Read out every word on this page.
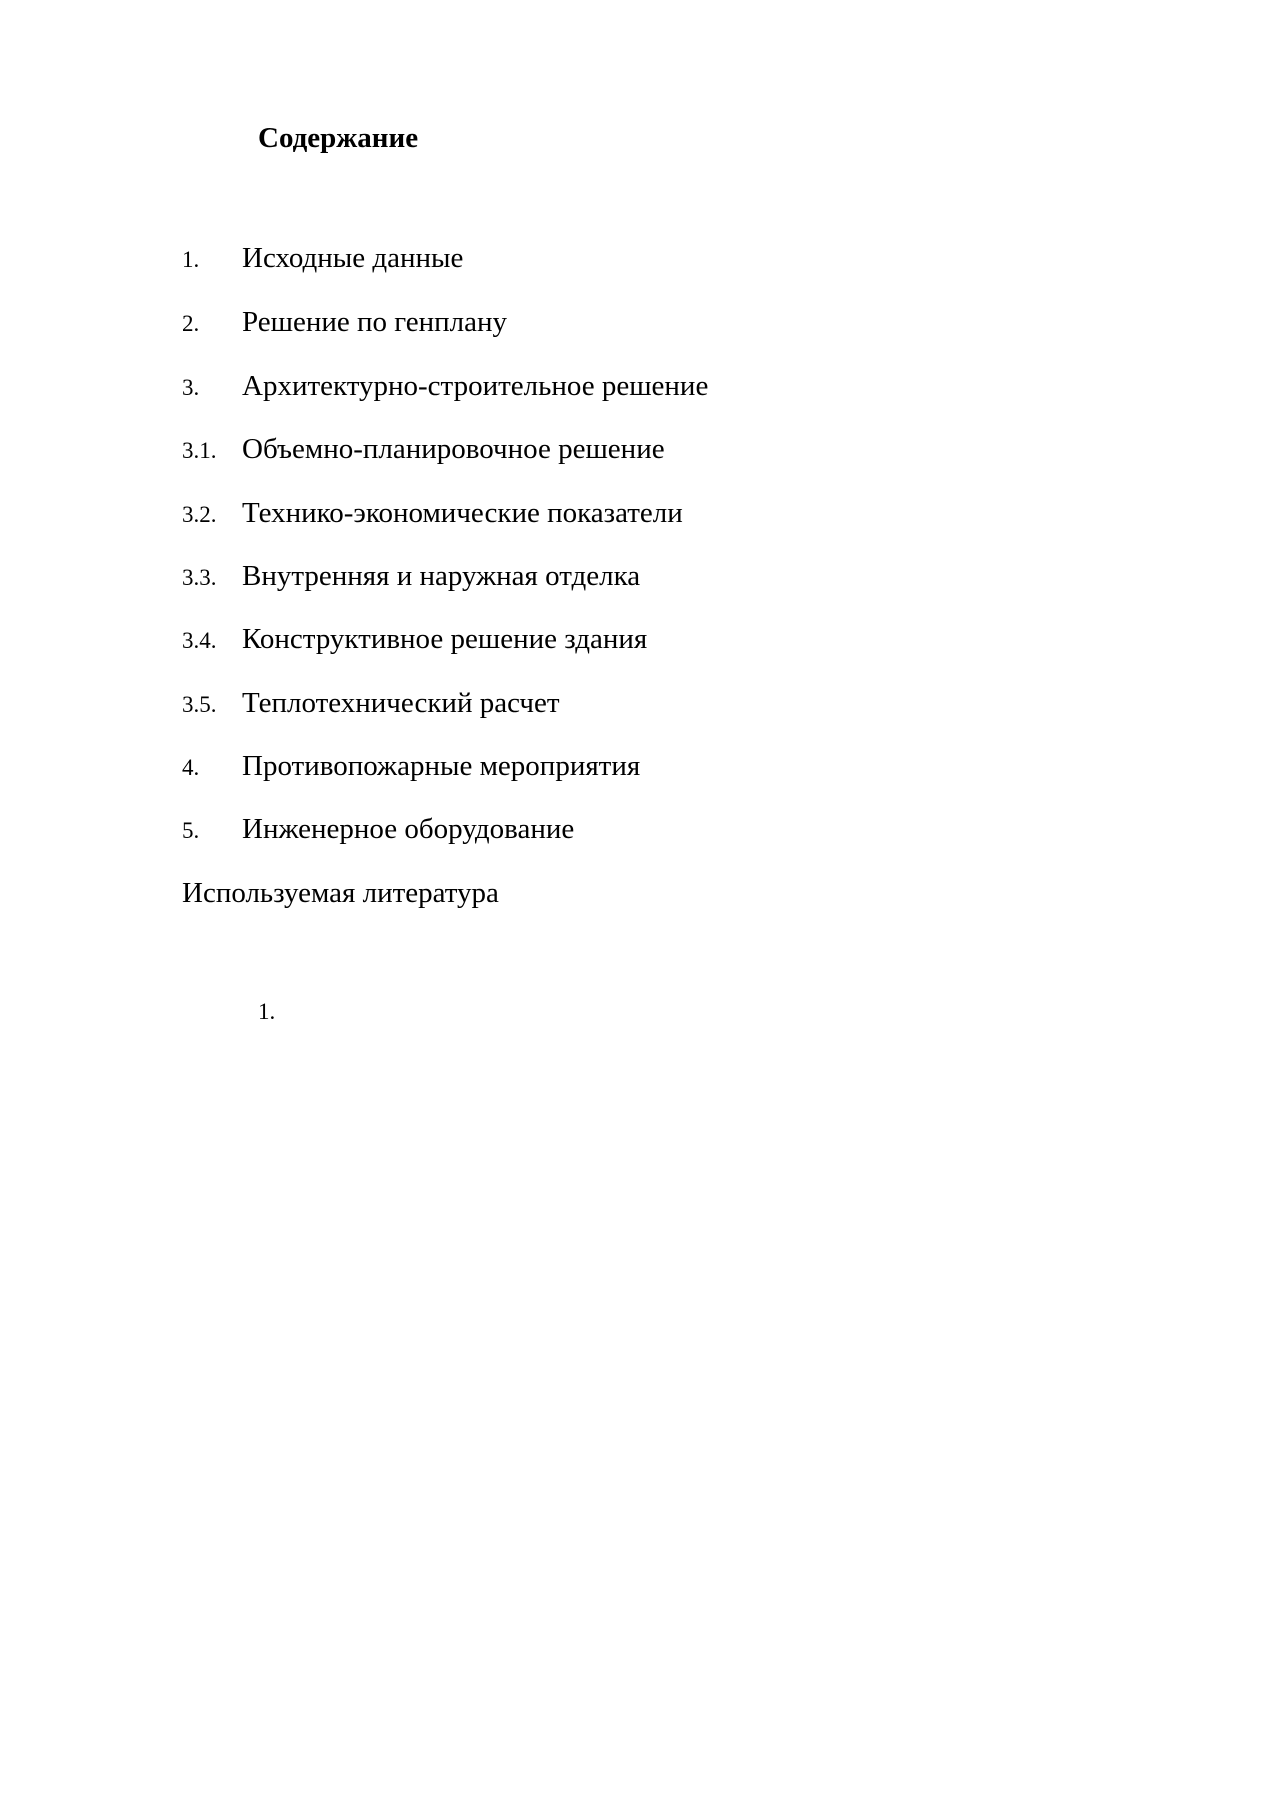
Содержание
1. Исходные данные
2. Решение по генплану
3. Архитектурно-строительное решение
3.1. Объемно-планировочное решение
3.2. Технико-экономические показатели
3.3. Внутренняя и наружная отделка
3.4. Конструктивное решение здания
3.5. Теплотехнический расчет
4. Противопожарные мероприятия
5. Инженерное оборудование
Используемая литература
1.
